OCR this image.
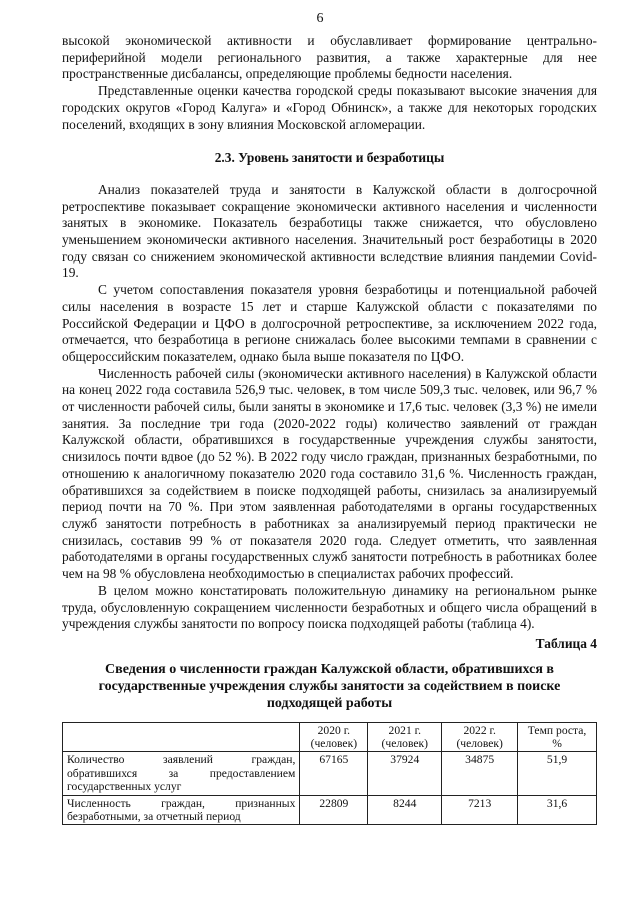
6

высокой экономической активности и обуславливает формирование центрально-периферийной модели регионального развития, а также характерные для нее пространственные дисбалансы, определяющие проблемы бедности населения.

Представленные оценки качества городской среды показывают высокие значения для городских округов «Город Калуга» и «Город Обнинск», а также для некоторых городских поселений, входящих в зону влияния Московской агломерации.

2.3. Уровень занятости и безработицы

Анализ показателей труда и занятости в Калужской области в долгосрочной ретроспективе показывает сокращение экономически активного населения и численности занятых в экономике. Показатель безработицы также снижается, что обусловлено уменьшением экономически активного населения. Значительный рост безработицы в 2020 году связан со снижением экономической активности вследствие влияния пандемии Covid-19.

С учетом сопоставления показателя уровня безработицы и потенциальной рабочей силы населения в возрасте 15 лет и старше Калужской области с показателями по Российской Федерации и ЦФО в долгосрочной ретроспективе, за исключением 2022 года, отмечается, что безработица в регионе снижалась более высокими темпами в сравнении с общероссийским показателем, однако была выше показателя по ЦФО.

Численность рабочей силы (экономически активного населения) в Калужской области на конец 2022 года составила 526,9 тыс. человек, в том числе 509,3 тыс. человек, или 96,7 % от численности рабочей силы, были заняты в экономике и 17,6 тыс. человек (3,3 %) не имели занятия. За последние три года (2020-2022 годы) количество заявлений от граждан Калужской области, обратившихся в государственные учреждения службы занятости, снизилось почти вдвое (до 52 %). В 2022 году число граждан, признанных безработными, по отношению к аналогичному показателю 2020 года составило 31,6 %. Численность граждан, обратившихся за содействием в поиске подходящей работы, снизилась за анализируемый период почти на 70 %. При этом заявленная работодателями в органы государственных служб занятости потребность в работниках за анализируемый период практически не снизилась, составив 99 % от показателя 2020 года. Следует отметить, что заявленная работодателями в органы государственных служб занятости потребность в работниках более чем на 98 % обусловлена необходимостью в специалистах рабочих профессий.

В целом можно констатировать положительную динамику на региональном рынке труда, обусловленную сокращением численности безработных и общего числа обращений в учреждения службы занятости по вопросу поиска подходящей работы (таблица 4).

Таблица 4
Сведения о численности граждан Калужской области, обратившихся в государственные учреждения службы занятости за содействием в поиске подходящей работы
	2020 г. (человек)	2021 г. (человек)	2022 г. (человек)	Темп роста, %
Количество заявлений граждан, обратившихся за предоставлением государственных услуг	67165	37924	34875	51,9
Численность граждан, признанных безработными, за отчетный период	22809	8244	7213	31,6
